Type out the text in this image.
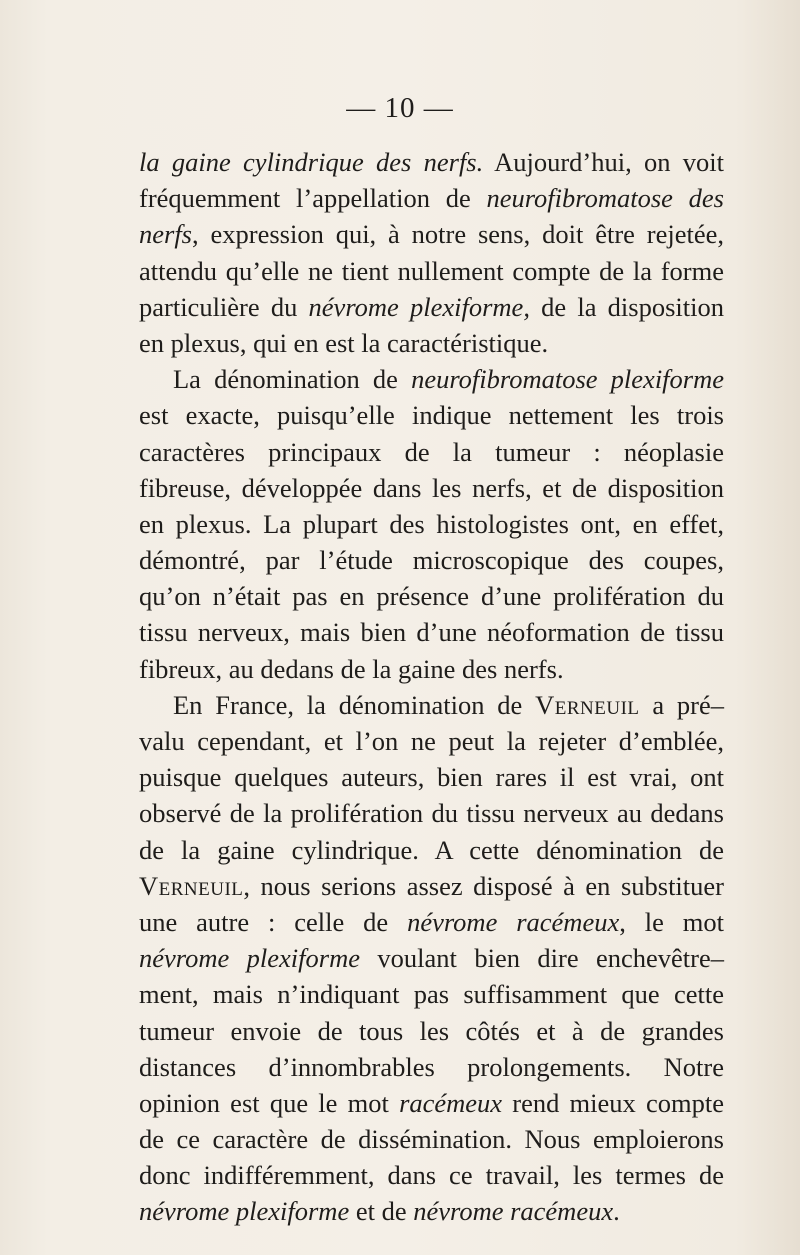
— 10 —
la gaine cylindrique des nerfs. Aujourd’hui, on voit
fréquemment l’appellation de neurofibromatose des
nerfs, expression qui, à notre sens, doit être rejetée,
attendu qu’elle ne tient nullement compte de la forme
particulière du névrome plexiforme, de la disposition
en plexus, qui en est la caractéristique.
La dénomination de neurofibromatose plexiforme
est exacte, puisqu’elle indique nettement les trois
caractères principaux de la tumeur : néoplasie
fibreuse, développée dans les nerfs, et de disposition
en plexus. La plupart des histologistes ont, en effet,
démontré, par l’étude microscopique des coupes,
qu’on n’était pas en présence d’une prolifération du
tissu nerveux, mais bien d’une néoformation de tissu
fibreux, au dedans de la gaine des nerfs.
En France, la dénomination de Verneuil a pré–
valu cependant, et l’on ne peut la rejeter d’emblée,
puisque quelques auteurs, bien rares il est vrai, ont
observé de la prolifération du tissu nerveux au dedans
de la gaine cylindrique. A cette dénomination de
Verneuil, nous serions assez disposé à en substituer
une autre : celle de névrome racémeux, le mot
névrome plexiforme voulant bien dire enchevêtre–
ment, mais n’indiquant pas suffisamment que cette
tumeur envoie de tous les côtés et à de grandes
distances d’innombrables prolongements. Notre
opinion est que le mot racémeux rend mieux compte
de ce caractère de dissémination. Nous emploierons
donc indifféremment, dans ce travail, les termes de
névrome plexiforme et de névrome racémeux.
